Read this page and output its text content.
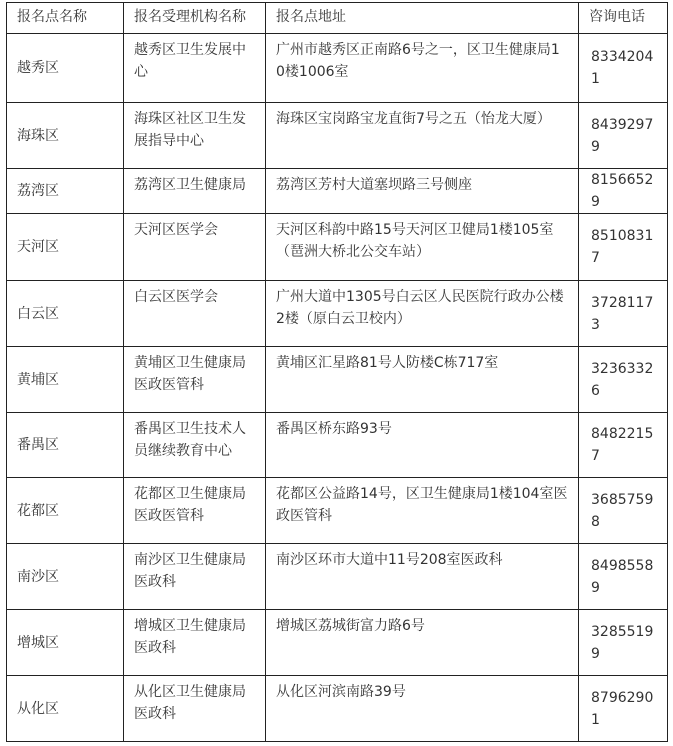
报名点名称	报名受理机构名称	报名点地址	咨询电话
越秀区	越秀区卫生发展中心	广州市越秀区正南路6号之一，区卫生健康局10楼1006室	83342041
海珠区	海珠区社区卫生发展指导中心	海珠区宝岗路宝龙直街7号之五（怡龙大厦）	84392979
荔湾区	荔湾区卫生健康局	荔湾区芳村大道塞坝路三号侧座	81566529
天河区	天河区医学会	天河区科韵中路15号天河区卫健局1楼105室（琶洲大桥北公交车站）	85108317
白云区	白云区医学会	广州大道中1305号白云区人民医院行政办公楼2楼（原白云卫校内）	37281173
黄埔区	黄埔区卫生健康局医政医管科	黄埔区汇星路81号人防楼C栋717室	32363326
番禺区	番禺区卫生技术人员继续教育中心	番禺区桥东路93号	84822157
花都区	花都区卫生健康局医政医管科	花都区公益路14号，区卫生健康局1楼104室医政医管科	36857598
南沙区	南沙区卫生健康局医政科	南沙区环市大道中11号208室医政科	84985589
增城区	增城区卫生健康局医政科	增城区荔城街富力路6号	32855199
从化区	从化区卫生健康局医政科	从化区河滨南路39号	87962901
